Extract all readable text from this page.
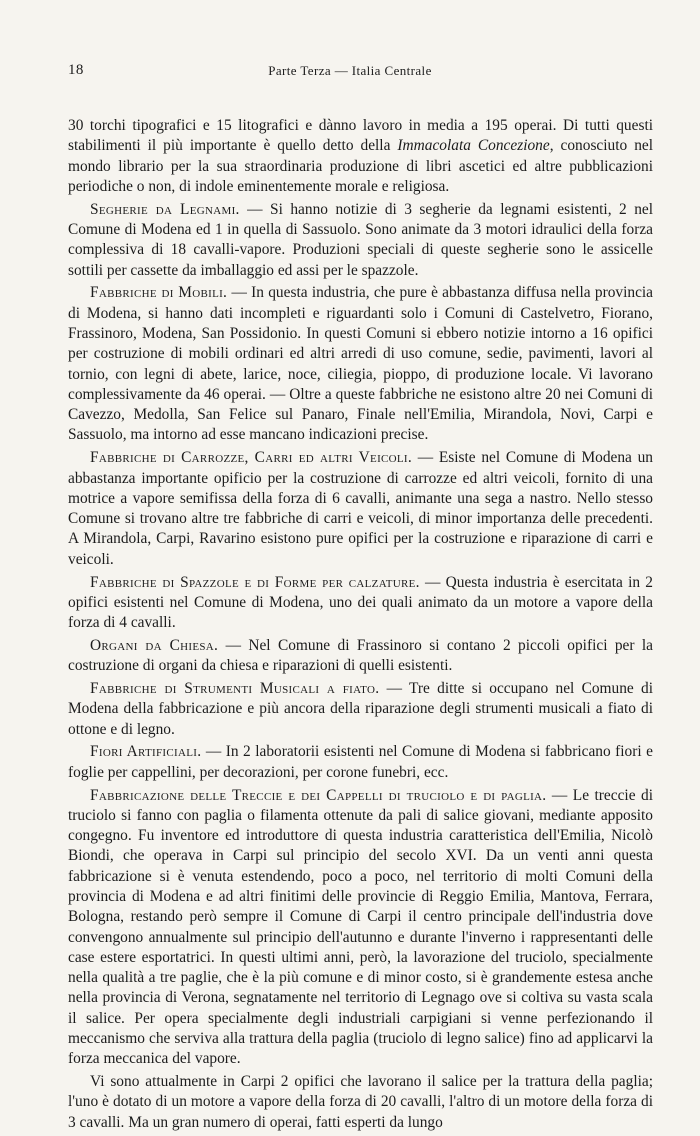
18	Parte Terza — Italia Centrale

30 torchi tipografici e 15 litografici e dànno lavoro in media a 195 operai. Di tutti questi stabilimenti il più importante è quello detto della Immacolata Concezione, conosciuto nel mondo librario per la sua straordinaria produzione di libri ascetici ed altre pubblicazioni periodiche o non, di indole eminentemente morale e religiosa.

Segherie da Legnami. — Si hanno notizie di 3 segherie da legnami esistenti, 2 nel Comune di Modena ed 1 in quella di Sassuolo. Sono animate da 3 motori idraulici della forza complessiva di 18 cavalli-vapore. Produzioni speciali di queste segherie sono le assicelle sottili per cassette da imballaggio ed assi per le spazzole.

Fabbriche di Mobili. — In questa industria, che pure è abbastanza diffusa nella provincia di Modena, si hanno dati incompleti e riguardanti solo i Comuni di Castelvetro, Fiorano, Frassinoro, Modena, San Possidonio. In questi Comuni si ebbero notizie intorno a 16 opifici per costruzione di mobili ordinari ed altri arredi di uso comune, sedie, pavimenti, lavori al tornio, con legni di abete, larice, noce, ciliegia, pioppo, di produzione locale. Vi lavorano complessivamente da 46 operai. — Oltre a queste fabbriche ne esistono altre 20 nei Comuni di Cavezzo, Medolla, San Felice sul Panaro, Finale nell'Emilia, Mirandola, Novi, Carpi e Sassuolo, ma intorno ad esse mancano indicazioni precise.

Fabbriche di Carrozze, Carri ed altri Veicoli. — Esiste nel Comune di Modena un abbastanza importante opificio per la costruzione di carrozze ed altri veicoli, fornito di una motrice a vapore semifissa della forza di 6 cavalli, animante una sega a nastro. Nello stesso Comune si trovano altre tre fabbriche di carri e veicoli, di minor importanza delle precedenti. A Mirandola, Carpi, Ravarino esistono pure opifici per la costruzione e riparazione di carri e veicoli.

Fabbriche di Spazzole e di Forme per calzature. — Questa industria è esercitata in 2 opifici esistenti nel Comune di Modena, uno dei quali animato da un motore a vapore della forza di 4 cavalli.

Organi da Chiesa. — Nel Comune di Frassinoro si contano 2 piccoli opifici per la costruzione di organi da chiesa e riparazioni di quelli esistenti.

Fabbriche di Strumenti Musicali a fiato. — Tre ditte si occupano nel Comune di Modena della fabbricazione e più ancora della riparazione degli strumenti musicali a fiato di ottone e di legno.

Fiori Artificiali. — In 2 laboratorii esistenti nel Comune di Modena si fabbricano fiori e foglie per cappellini, per decorazioni, per corone funebri, ecc.

Fabbricazione delle Treccie e dei Cappelli di truciolo e di paglia. — Le treccie di truciolo si fanno con paglia o filamenta ottenute da pali di salice giovani, mediante apposito congegno. Fu inventore ed introduttore di questa industria caratteristica dell'Emilia, Nicolò Biondi, che operava in Carpi sul principio del secolo XVI. Da un venti anni questa fabbricazione si è venuta estendendo, poco a poco, nel territorio di molti Comuni della provincia di Modena e ad altri finitimi delle provincie di Reggio Emilia, Mantova, Ferrara, Bologna, restando però sempre il Comune di Carpi il centro principale dell'industria dove convengono annualmente sul principio dell'autunno e durante l'inverno i rappresentanti delle case estere esportatrici. In questi ultimi anni, però, la lavorazione del truciolo, specialmente nella qualità a tre paglie, che è la più comune e di minor costo, si è grandemente estesa anche nella provincia di Verona, segnatamente nel territorio di Legnago ove si coltiva su vasta scala il salice. Per opera specialmente degli industriali carpigiani si venne perfezionando il meccanismo che serviva alla trattura della paglia (truciolo di legno salice) fino ad applicarvi la forza meccanica del vapore.

Vi sono attualmente in Carpi 2 opifici che lavorano il salice per la trattura della paglia; l'uno è dotato di un motore a vapore della forza di 20 cavalli, l'altro di un motore della forza di 3 cavalli. Ma un gran numero di operai, fatti esperti da lungo
